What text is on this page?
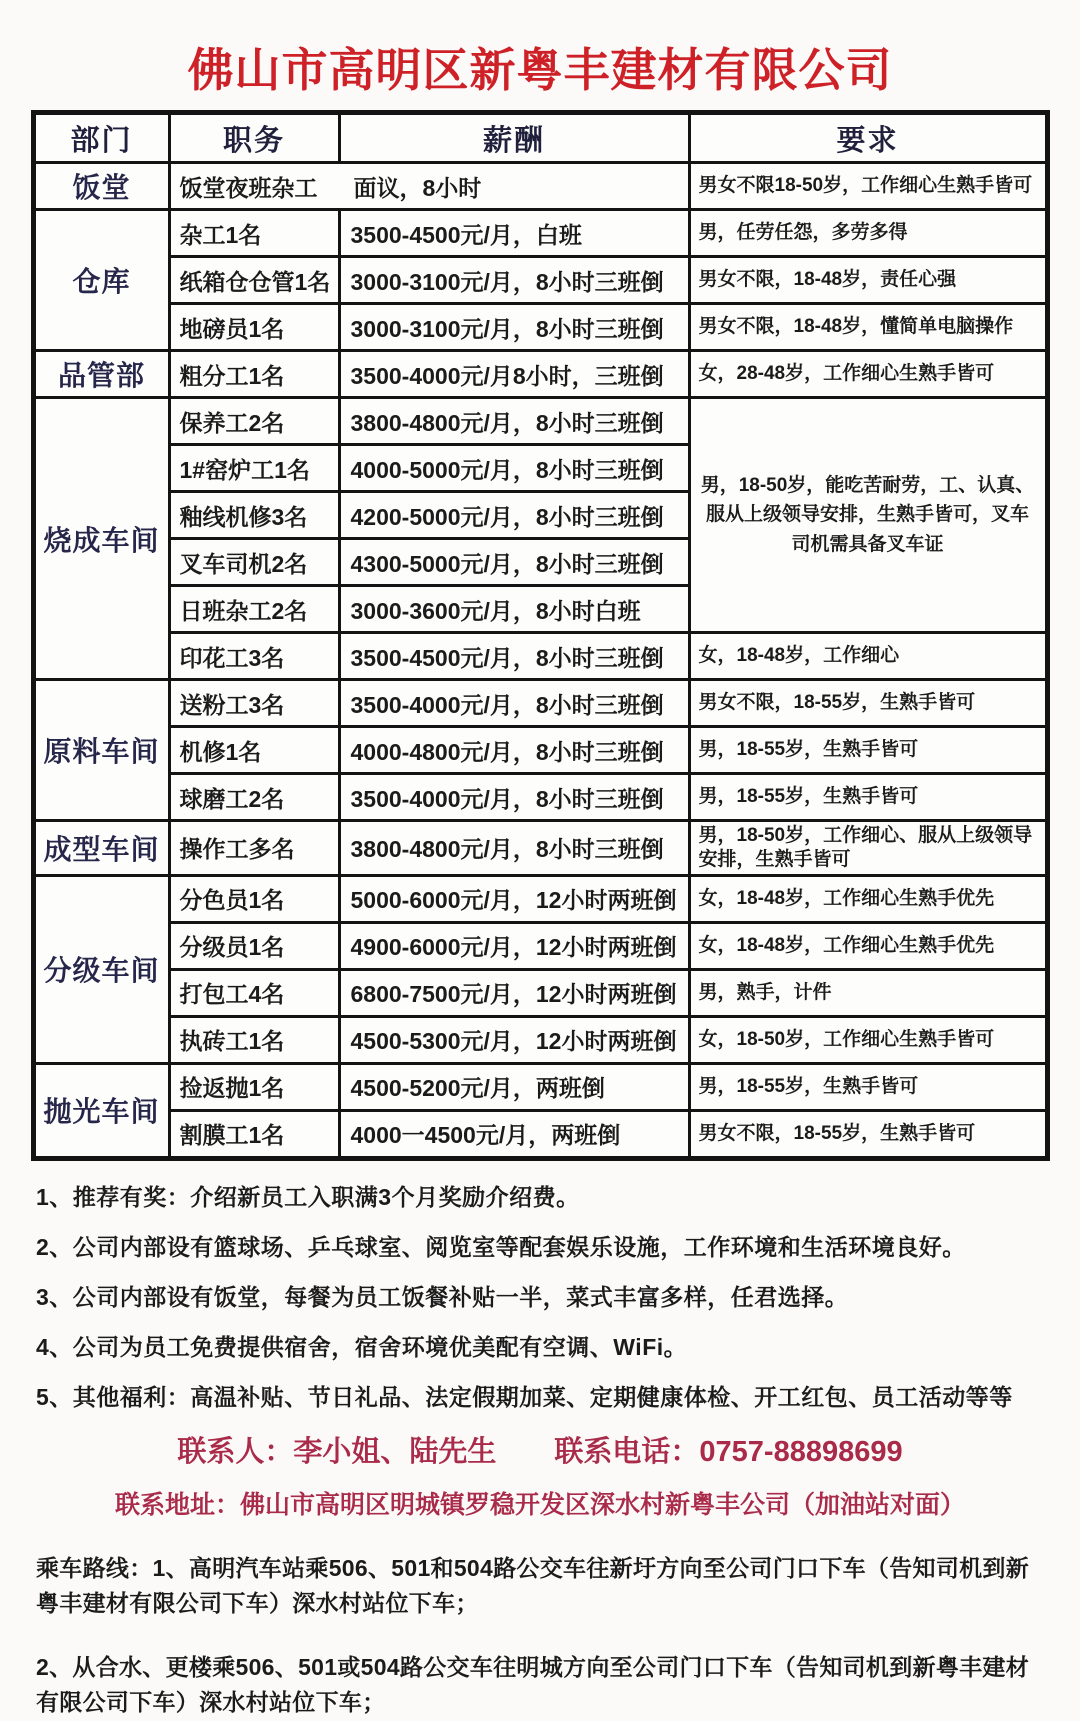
佛山市高明区新粤丰建材有限公司
部门	职务	薪酬	要求
饭堂	饭堂夜班杂工 面议，8小时		男女不限18-50岁，工作细心生熟手皆可
仓库	杂工1名	3500-4500元/月，白班	男，任劳任怨，多劳多得
	纸箱仓仓管1名	3000-3100元/月，8小时三班倒	男女不限，18-48岁，责任心强
	地磅员1名	3000-3100元/月，8小时三班倒	男女不限，18-48岁，懂简单电脑操作
品管部	粗分工1名	3500-4000元/月8小时，三班倒	女，28-48岁，工作细心生熟手皆可
烧成车间	保养工2名	3800-4800元/月，8小时三班倒	男，18-50岁，能吃苦耐劳，工、认真、服从上级领导安排，生熟手皆可，叉车司机需具备叉车证
	1#窑炉工1名	4000-5000元/月，8小时三班倒	
	釉线机修3名	4200-5000元/月，8小时三班倒	
	叉车司机2名	4300-5000元/月，8小时三班倒	
	日班杂工2名	3000-3600元/月，8小时白班	
	印花工3名	3500-4500元/月，8小时三班倒	女，18-48岁，工作细心
原料车间	送粉工3名	3500-4000元/月，8小时三班倒	男女不限，18-55岁，生熟手皆可
	机修1名	4000-4800元/月，8小时三班倒	男，18-55岁，生熟手皆可
	球磨工2名	3500-4000元/月，8小时三班倒	男，18-55岁，生熟手皆可
成型车间	操作工多名	3800-4800元/月，8小时三班倒	男，18-50岁，工作细心、服从上级领导安排，生熟手皆可
分级车间	分色员1名	5000-6000元/月，12小时两班倒	女，18-48岁，工作细心生熟手优先
	分级员1名	4900-6000元/月，12小时两班倒	女，18-48岁，工作细心生熟手优先
	打包工4名	6800-7500元/月，12小时两班倒	男，熟手，计件
	执砖工1名	4500-5300元/月，12小时两班倒	女，18-50岁，工作细心生熟手皆可
抛光车间	捡返抛1名	4500-5200元/月，两班倒	男，18-55岁，生熟手皆可
	割膜工1名	4000一4500元/月，两班倒	男女不限，18-55岁，生熟手皆可
1、推荐有奖：介绍新员工入职满3个月奖励介绍费。
2、公司内部设有篮球场、乒乓球室、阅览室等配套娱乐设施，工作环境和生活环境良好。
3、公司内部设有饭堂，每餐为员工饭餐补贴一半，菜式丰富多样，任君选择。
4、公司为员工免费提供宿舍，宿舍环境优美配有空调、WiFi。
5、其他福利：高温补贴、节日礼品、法定假期加菜、定期健康体检、开工红包、员工活动等等
联系人：李小姐、陆先生 联系电话：0757-88898699
联系地址：佛山市高明区明城镇罗稳开发区深水村新粤丰公司（加油站对面）
乘车路线：1、高明汽车站乘506、501和504路公交车往新圩方向至公司门口下车（告知司机到新粤丰建材有限公司下车）深水村站位下车；
2、从合水、更楼乘506、501或504路公交车往明城方向至公司门口下车（告知司机到新粤丰建材有限公司下车）深水村站位下车；
